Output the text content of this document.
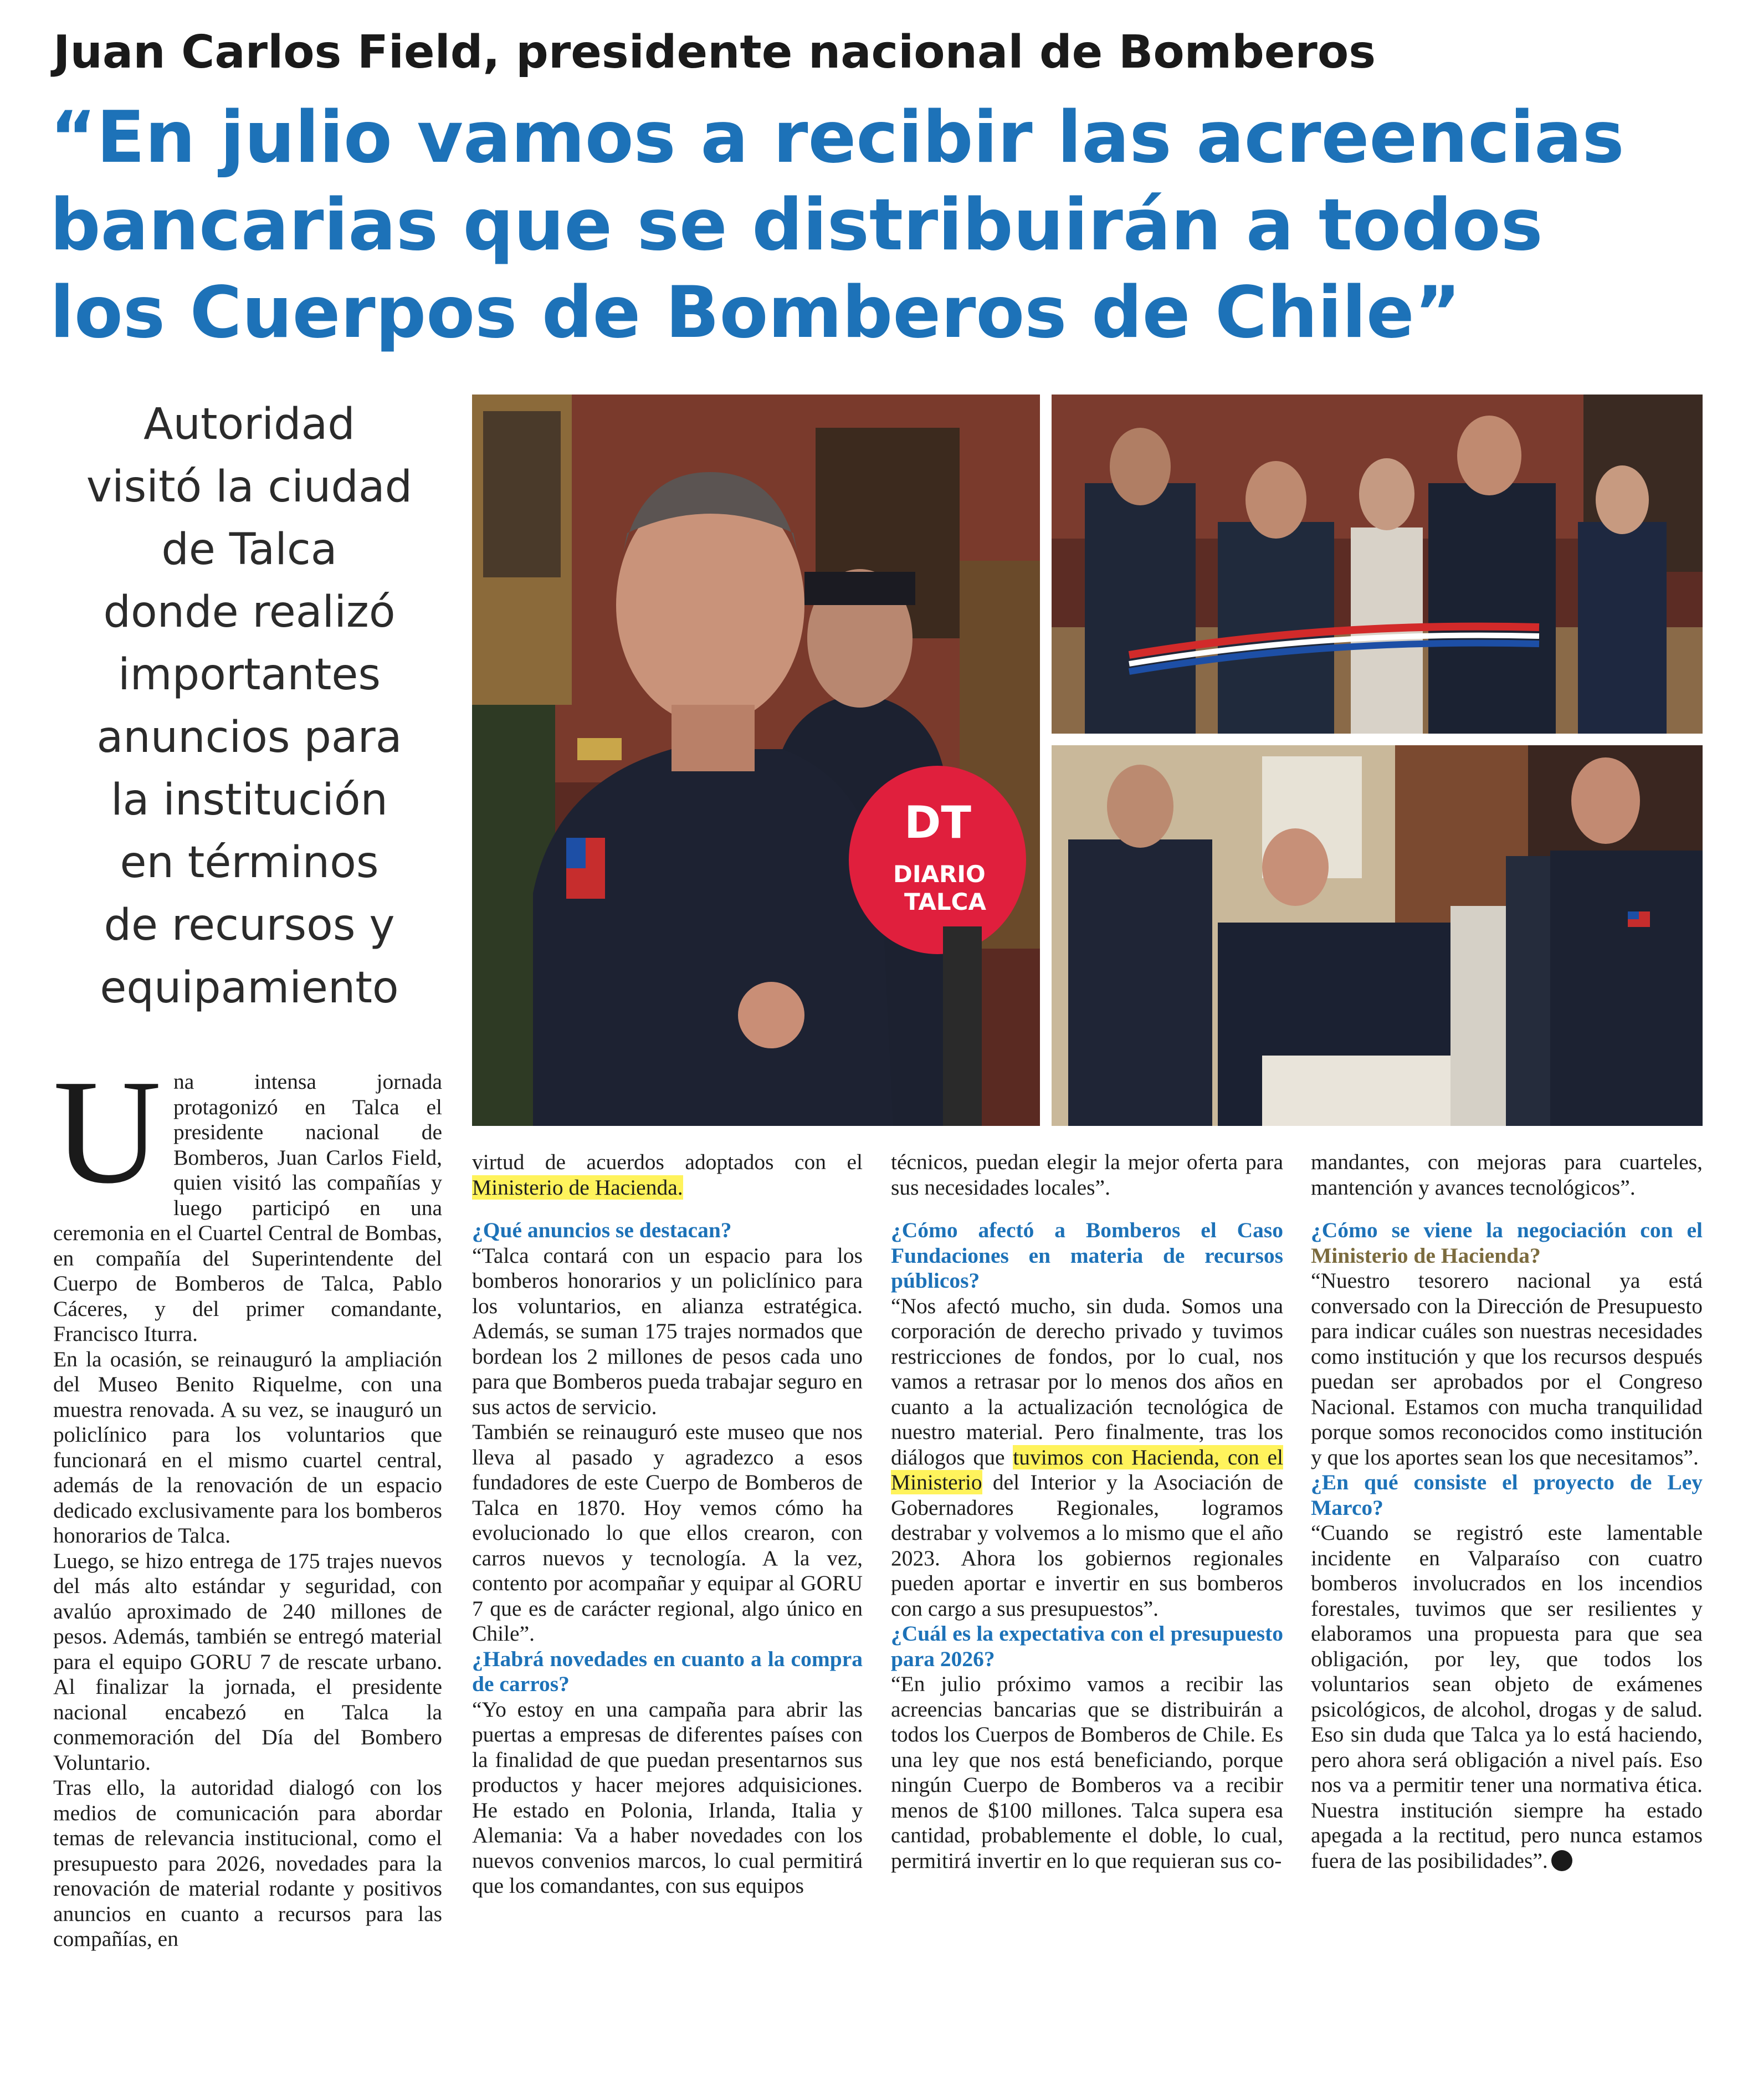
Juan Carlos Field, presidente nacional de Bomberos
“En julio vamos a recibir las acreencias
bancarias que se distribuirán a todos
los Cuerpos de Bomberos de Chile”
Autoridad
visitó la ciudad
de Talca
donde realizó
importantes
anuncios para
la institución
en términos
de recursos y
equipamiento
DT
DIARIO
TALCA
U na intensa jornada protagonizó en Talca el presidente nacional de Bomberos, Juan Carlos Field, quien visitó las compañías y luego participó en una ceremonia en el Cuartel Central de Bombas, en compañía del Superintendente del Cuerpo de Bomberos de Talca, Pablo Cáceres, y del primer comandante, Francisco Iturra.

En la ocasión, se reinauguró la ampliación del Museo Benito Riquelme, con una muestra renovada. A su vez, se inauguró un policlínico para los voluntarios que funcionará en el mismo cuartel central, además de la renovación de un espacio dedicado exclusivamente para los bomberos honorarios de Talca.

Luego, se hizo entrega de 175 trajes nuevos del más alto estándar y seguridad, con avalúo aproximado de 240 millones de pesos. Además, también se entregó material para el equipo GORU 7 de rescate urbano. Al finalizar la jornada, el presidente nacional encabezó en Talca la conmemoración del Día del Bombero Voluntario.

Tras ello, la autoridad dialogó con los medios de comunicación para abordar temas de relevancia institucional, como el presupuesto para 2026, novedades para la renovación de material rodante y positivos anuncios en cuanto a recursos para las compañías, en

virtud de acuerdos adoptados con el Ministerio de Hacienda.

¿Qué anuncios se destacan?

“Talca contará con un espacio para los bomberos honorarios y un policlínico para los voluntarios, en alianza estratégica. Además, se suman 175 trajes normados que bordean los 2 millones de pesos cada uno para que Bomberos pueda trabajar seguro en sus actos de servicio.

También se reinauguró este museo que nos lleva al pasado y agradezco a esos fundadores de este Cuerpo de Bomberos de Talca en 1870. Hoy vemos cómo ha evolucionado lo que ellos crearon, con carros nuevos y tecnología. A la vez, contento por acompañar y equipar al GORU 7 que es de carácter regional, algo único en Chile”.

¿Habrá novedades en cuanto a la compra de carros?

“Yo estoy en una campaña para abrir las puertas a empresas de diferentes países con la finalidad de que puedan presentarnos sus productos y hacer mejores adquisiciones. He estado en Polonia, Irlanda, Italia y Alemania: Va a haber novedades con los nuevos convenios marcos, lo cual permitirá que los comandantes, con sus equipos

técnicos, puedan elegir la mejor oferta para sus necesidades locales”.

¿Cómo afectó a Bomberos el Caso Fundaciones en materia de recursos públicos?

“Nos afectó mucho, sin duda. Somos una corporación de derecho privado y tuvimos restricciones de fondos, por lo cual, nos vamos a retrasar por lo menos dos años en cuanto a la actualización tecnológica de nuestro material. Pero finalmente, tras los diálogos que tuvimos con Hacienda, con el Ministerio del Interior y la Asociación de Gobernadores Regionales, logramos destrabar y volvemos a lo mismo que el año 2023. Ahora los gobiernos regionales pueden aportar e invertir en sus bomberos con cargo a sus presupuestos”.

¿Cuál es la expectativa con el presupuesto para 2026?

“En julio próximo vamos a recibir las acreencias bancarias que se distribuirán a todos los Cuerpos de Bomberos de Chile. Es una ley que nos está beneficiando, porque ningún Cuerpo de Bomberos va a recibir menos de $100 millones. Talca supera esa cantidad, probablemente el doble, lo cual, permitirá invertir en lo que requieran sus co-

mandantes, con mejoras para cuarteles, mantención y avances tecnológicos”.

¿Cómo se viene la negociación con el Ministerio de Hacienda?

“Nuestro tesorero nacional ya está conversado con la Dirección de Presupuesto para indicar cuáles son nuestras necesidades como institución y que los recursos después puedan ser aprobados por el Congreso Nacional. Estamos con mucha tranquilidad porque somos reconocidos como institución y que los aportes sean los que necesitamos”.

¿En qué consiste el proyecto de Ley Marco?

“Cuando se registró este lamentable incidente en Valparaíso con cuatro bomberos involucrados en los incendios forestales, tuvimos que ser resilientes y elaboramos una propuesta para que sea obligación, por ley, que todos los voluntarios sean objeto de exámenes psicológicos, de alcohol, drogas y de salud. Eso sin duda que Talca ya lo está haciendo, pero ahora será obligación a nivel país. Eso nos va a permitir tener una normativa ética. Nuestra institución siempre ha estado apegada a la rectitud, pero nunca estamos fuera de las posibilidades”.
